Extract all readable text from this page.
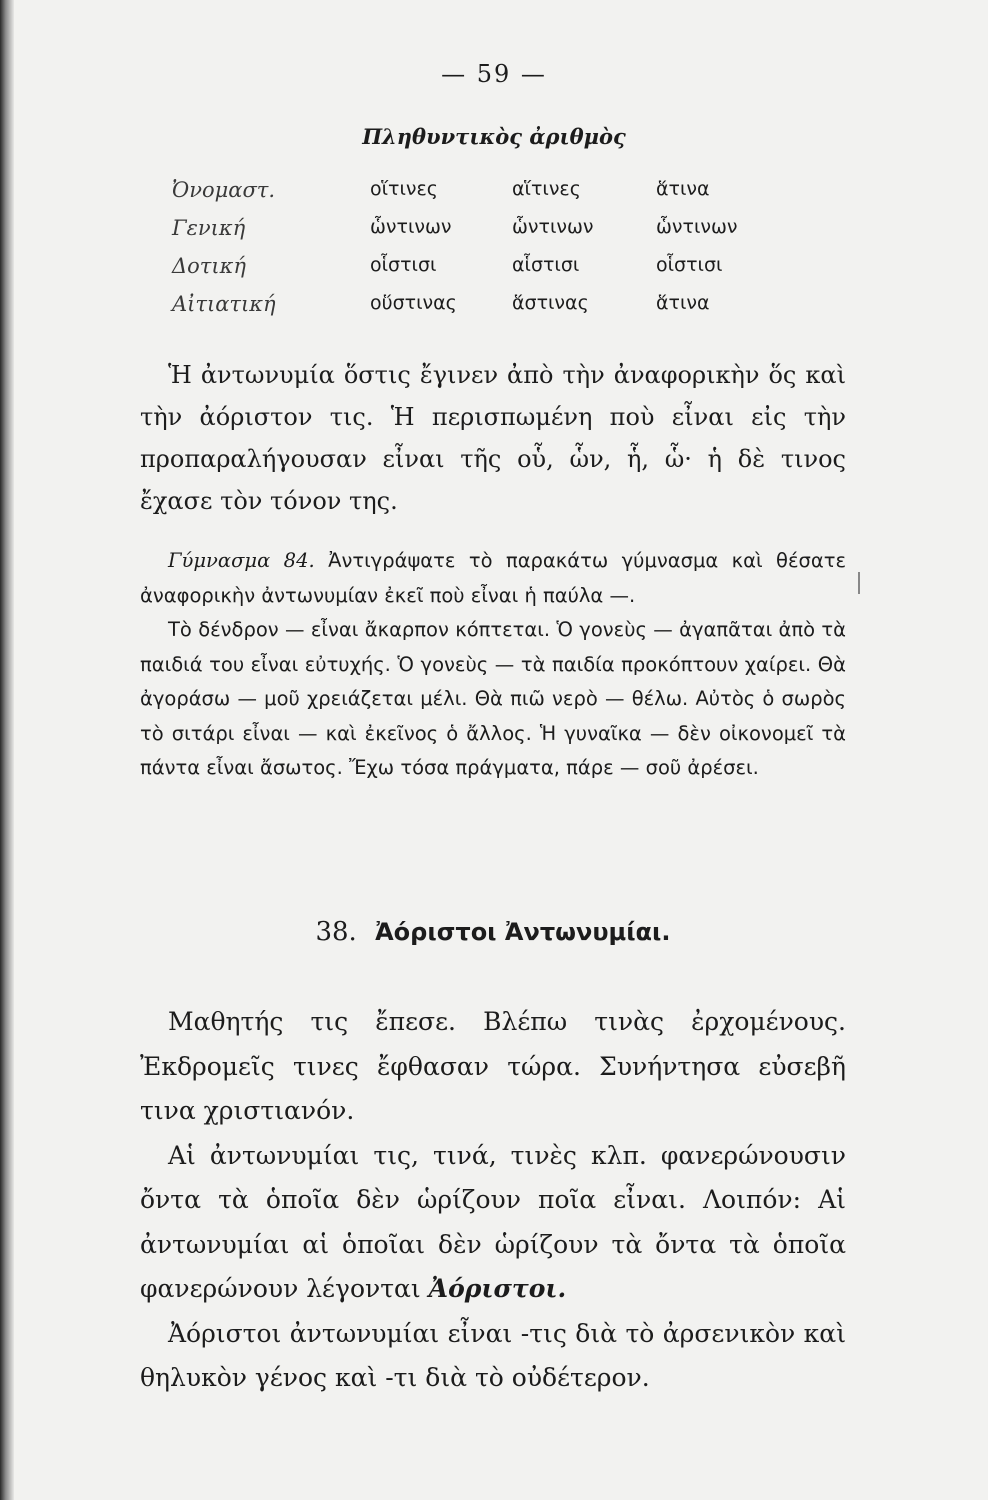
— 59 —
Πληθυντικὸς ἀριθμὸς
Ὀνομαστ.	οἵτινες	αἵτινες	ἅτινα
Γενική	ὧντινων	ὧντινων	ὧντινων
Δοτική	οἷστισι	αἷστισι	οἷστισι
Αἰτιατική	οὕστινας	ἅστινας	ἅτινα

Ἡ ἀντωνυμία ὅστις ἔγινεν ἀπὸ τὴν ἀναφορικὴν ὅς καὶ τὴν ἀόριστον τις. Ἡ περισπωμένη ποὺ εἶναι εἰς τὴν προπαραλήγουσαν εἶναι τῆς οὗ, ὧν, ἧ, ὧ· ἡ δὲ τινος ἔχασε τὸν τόνον της.

Γύμνασμα 84. Ἀντιγράψατε τὸ παρακάτω γύμνασμα καὶ θέσατε ἀναφορικὴν ἀντωνυμίαν ἐκεῖ ποὺ εἶναι ἡ παύλα —.

Τὸ δένδρον — εἶναι ἄκαρπον κόπτεται. Ὁ γονεὺς — ἀγαπᾶται ἀπὸ τὰ παιδιά του εἶναι εὐτυχής. Ὁ γονεὺς — τὰ παιδία προκόπτουν χαίρει. Θὰ ἀγοράσω — μοῦ χρειάζεται μέλι. Θὰ πιῶ νερὸ — θέλω. Αὐτὸς ὁ σωρὸς τὸ σιτάρι εἶναι — καὶ ἐκεῖνος ὁ ἄλλος. Ἡ γυναῖκα — δὲν οἰκονομεῖ τὰ πάντα εἶναι ἄσωτος. Ἔχω τόσα πράγματα, πάρε — σοῦ ἀρέσει.

38. Ἀόριστοι Ἀντωνυμίαι.

Μαθητής τις ἔπεσε. Βλέπω τινὰς ἐρχομένους. Ἐκδρομεῖς τινες ἔφθασαν τώρα. Συνήντησα εὐσεβῆ τινα χριστιανόν.

Αἱ ἀντωνυμίαι τις, τινά, τινὲς κλπ. φανερώνουσιν ὄντα τὰ ὁποῖα δὲν ὡρίζουν ποῖα εἶναι. Λοιπόν: Αἱ ἀντωνυμίαι αἱ ὁποῖαι δὲν ὡρίζουν τὰ ὄντα τὰ ὁποῖα φανερώνουν λέγονται Ἀόριστοι.

Ἀόριστοι ἀντωνυμίαι εἶναι -τις διὰ τὸ ἀρσενικὸν καὶ θηλυκὸν γένος καὶ -τι διὰ τὸ οὐδέτερον.
